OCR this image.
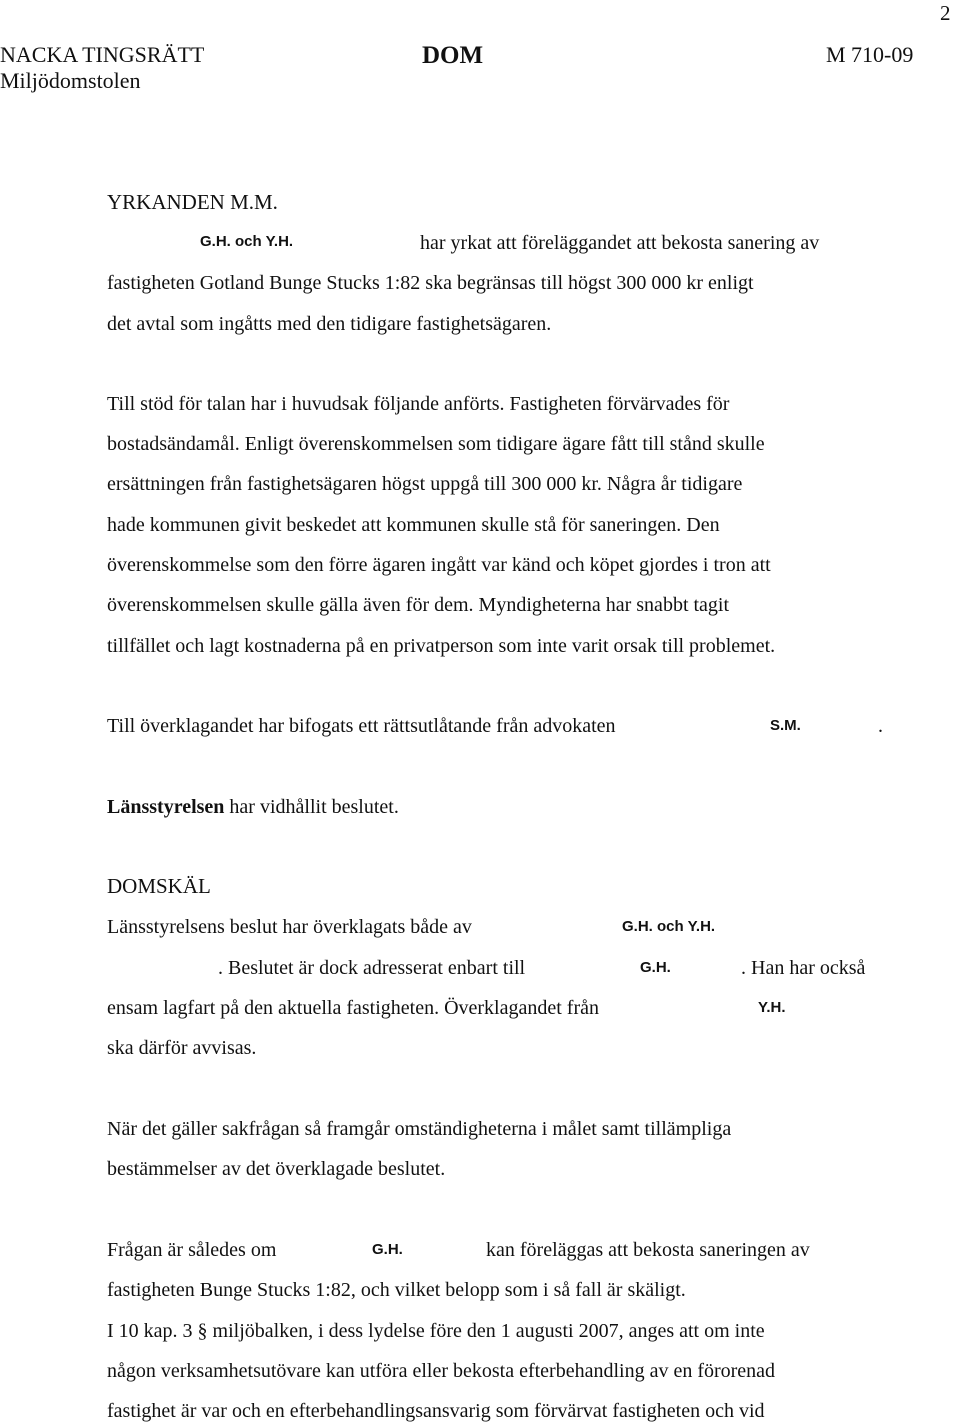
2
NACKA TINGSRÄTT
Miljödomstolen
DOM	M 710-09
YRKANDEN M.M.
G.H. och Y.H.	har yrkat att föreläggandet att bekosta sanering av
fastigheten Gotland Bunge Stucks 1:82 ska begränsas till högst 300 000 kr enligt
det avtal som ingåtts med den tidigare fastighetsägaren.
Till stöd för talan har i huvudsak följande anförts. Fastigheten förvärvades för
bostadsändamål. Enligt överenskommelsen som tidigare ägare fått till stånd skulle
ersättningen från fastighetsägaren högst uppgå till 300 000 kr. Några år tidigare
hade kommunen givit beskedet att kommunen skulle stå för saneringen. Den
överenskommelse som den förre ägaren ingått var känd och köpet gjordes i tron att
överenskommelsen skulle gälla även för dem. Myndigheterna har snabbt tagit
tillfället och lagt kostnaderna på en privatperson som inte varit orsak till problemet.
Till överklagandet har bifogats ett rättsutlåtande från advokaten	S.M.	.
Länsstyrelsen har vidhållit beslutet.
DOMSKÄL
Länsstyrelsens beslut har överklagats både av	G.H. och Y.H.
. Beslutet är dock adresserat enbart till	G.H.	. Han har också
ensam lagfart på den aktuella fastigheten. Överklagandet från	Y.H.
ska därför avvisas.
När det gäller sakfrågan så framgår omständigheterna i målet samt tillämpliga
bestämmelser av det överklagade beslutet.
Frågan är således om	G.H.	kan föreläggas att bekosta saneringen av
fastigheten Bunge Stucks 1:82, och vilket belopp som i så fall är skäligt.
I 10 kap. 3 § miljöbalken, i dess lydelse före den 1 augusti 2007, anges att om inte
någon verksamhetsutövare kan utföra eller bekosta efterbehandling av en förorenad
fastighet är var och en efterbehandlingsansvarig som förvärvat fastigheten och vid
